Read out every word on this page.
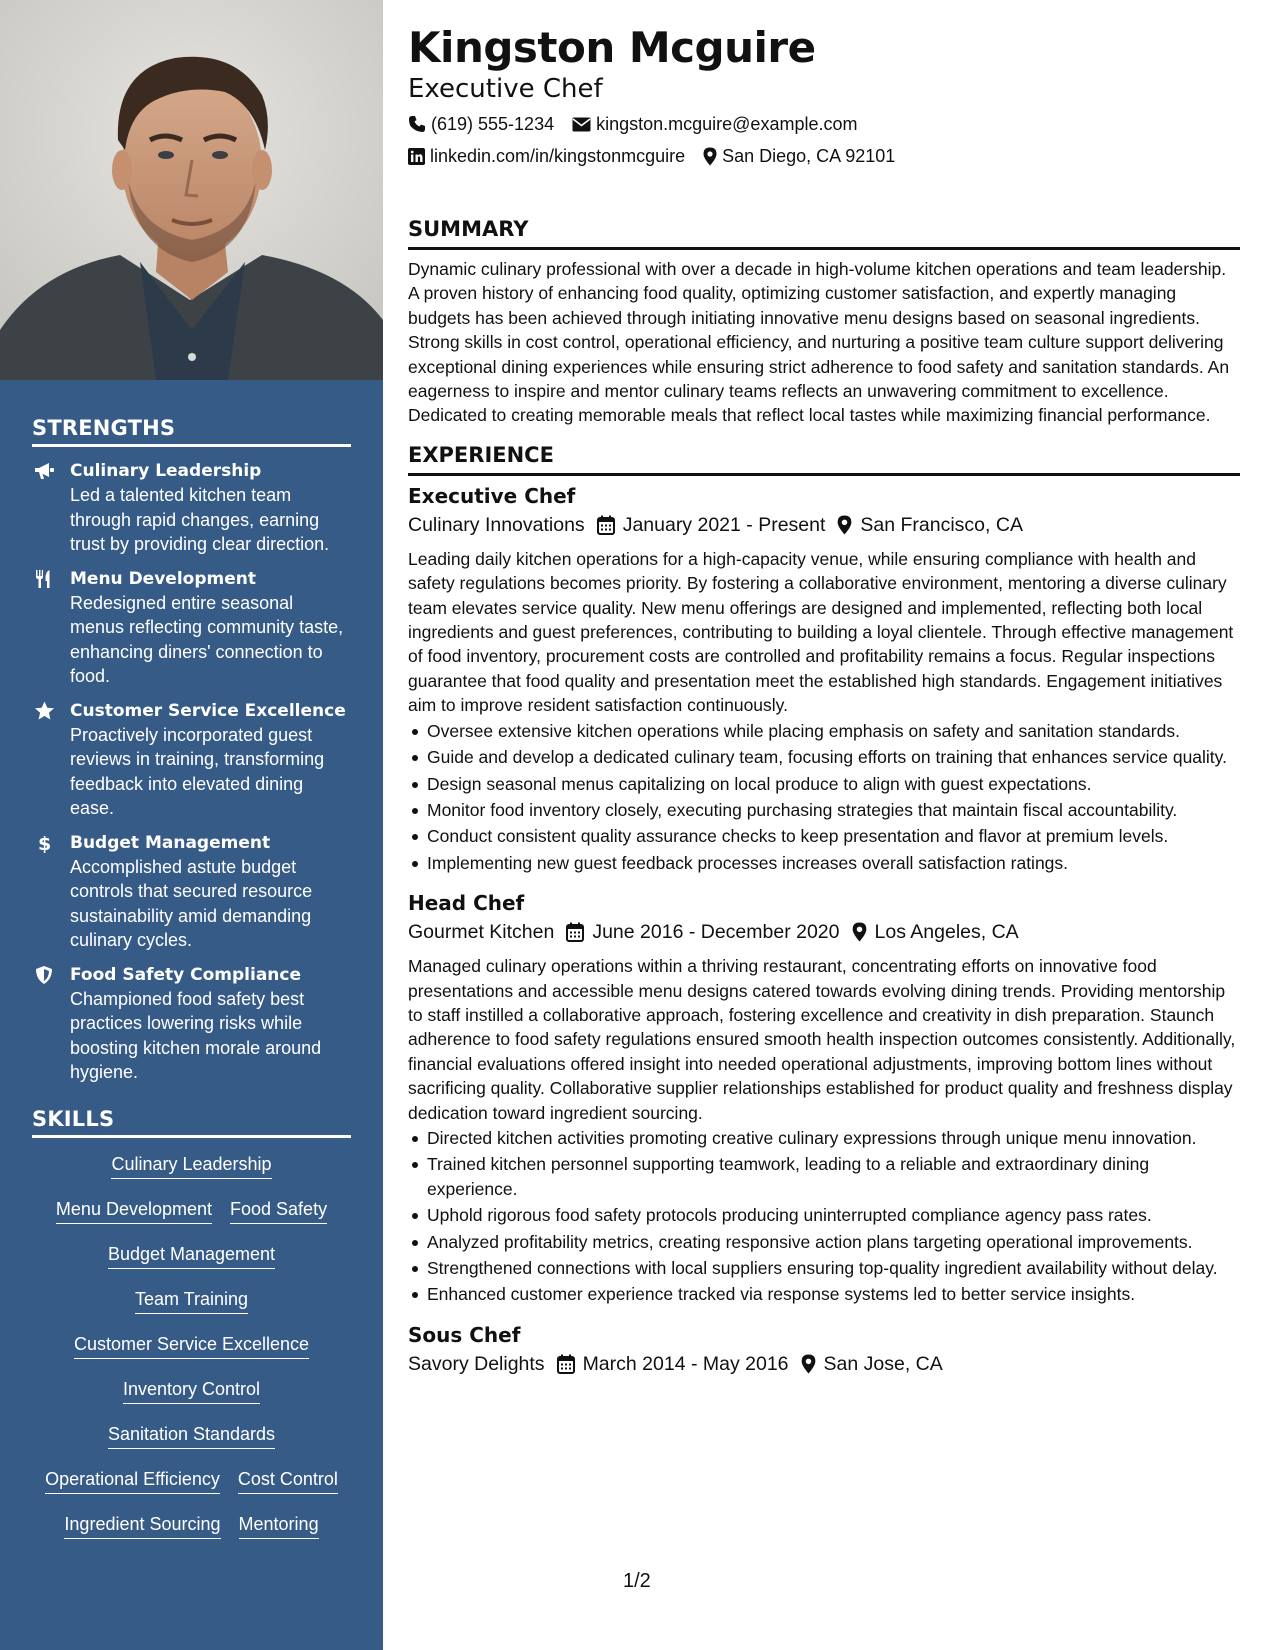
STRENGTHS
Culinary Leadership
Led a talented kitchen team through rapid changes, earning trust by providing clear direction.
Menu Development
Redesigned entire seasonal menus reflecting community taste, enhancing diners' connection to food.
Customer Service Excellence
Proactively incorporated guest reviews in training, transforming feedback into elevated dining ease.
$ Budget Management
Accomplished astute budget controls that secured resource sustainability amid demanding culinary cycles.
Food Safety Compliance
Championed food safety best practices lowering risks while boosting kitchen morale around hygiene.
SKILLS
Culinary Leadership
Menu Development Food Safety
Budget Management
Team Training
Customer Service Excellence
Inventory Control
Sanitation Standards
Operational Efficiency Cost Control
Ingredient Sourcing Mentoring
Kingston Mcguire
Executive Chef
(619) 555-1234 kingston.mcguire@example.com
linkedin.com/in/kingstonmcguire San Diego, CA 92101
SUMMARY

Dynamic culinary professional with over a decade in high-volume kitchen operations and team leadership. A proven history of enhancing food quality, optimizing customer satisfaction, and expertly managing budgets has been achieved through initiating innovative menu designs based on seasonal ingredients. Strong skills in cost control, operational efficiency, and nurturing a positive team culture support delivering exceptional dining experiences while ensuring strict adherence to food safety and sanitation standards. An eagerness to inspire and mentor culinary teams reflects an unwavering commitment to excellence. Dedicated to creating memorable meals that reflect local tastes while maximizing financial performance.

EXPERIENCE
Executive Chef
Culinary Innovations January 2021 - Present San Francisco, CA

Leading daily kitchen operations for a high-capacity venue, while ensuring compliance with health and safety regulations becomes priority. By fostering a collaborative environment, mentoring a diverse culinary team elevates service quality. New menu offerings are designed and implemented, reflecting both local ingredients and guest preferences, contributing to building a loyal clientele. Through effective management of food inventory, procurement costs are controlled and profitability remains a focus. Regular inspections guarantee that food quality and presentation meet the established high standards. Engagement initiatives aim to improve resident satisfaction continuously.

Oversee extensive kitchen operations while placing emphasis on safety and sanitation standards.
Guide and develop a dedicated culinary team, focusing efforts on training that enhances service quality.
Design seasonal menus capitalizing on local produce to align with guest expectations.
Monitor food inventory closely, executing purchasing strategies that maintain fiscal accountability.
Conduct consistent quality assurance checks to keep presentation and flavor at premium levels.
Implementing new guest feedback processes increases overall satisfaction ratings.
Head Chef
Gourmet Kitchen June 2016 - December 2020 Los Angeles, CA

Managed culinary operations within a thriving restaurant, concentrating efforts on innovative food presentations and accessible menu designs catered towards evolving dining trends. Providing mentorship to staff instilled a collaborative approach, fostering excellence and creativity in dish preparation. Staunch adherence to food safety regulations ensured smooth health inspection outcomes consistently. Additionally, financial evaluations offered insight into needed operational adjustments, improving bottom lines without sacrificing quality. Collaborative supplier relationships established for product quality and freshness display dedication toward ingredient sourcing.

Directed kitchen activities promoting creative culinary expressions through unique menu innovation.
Trained kitchen personnel supporting teamwork, leading to a reliable and extraordinary dining experience.
Uphold rigorous food safety protocols producing uninterrupted compliance agency pass rates.
Analyzed profitability metrics, creating responsive action plans targeting operational improvements.
Strengthened connections with local suppliers ensuring top-quality ingredient availability without delay.
Enhanced customer experience tracked via response systems led to better service insights.
Sous Chef
Savory Delights March 2014 - May 2016 San Jose, CA
1/2
